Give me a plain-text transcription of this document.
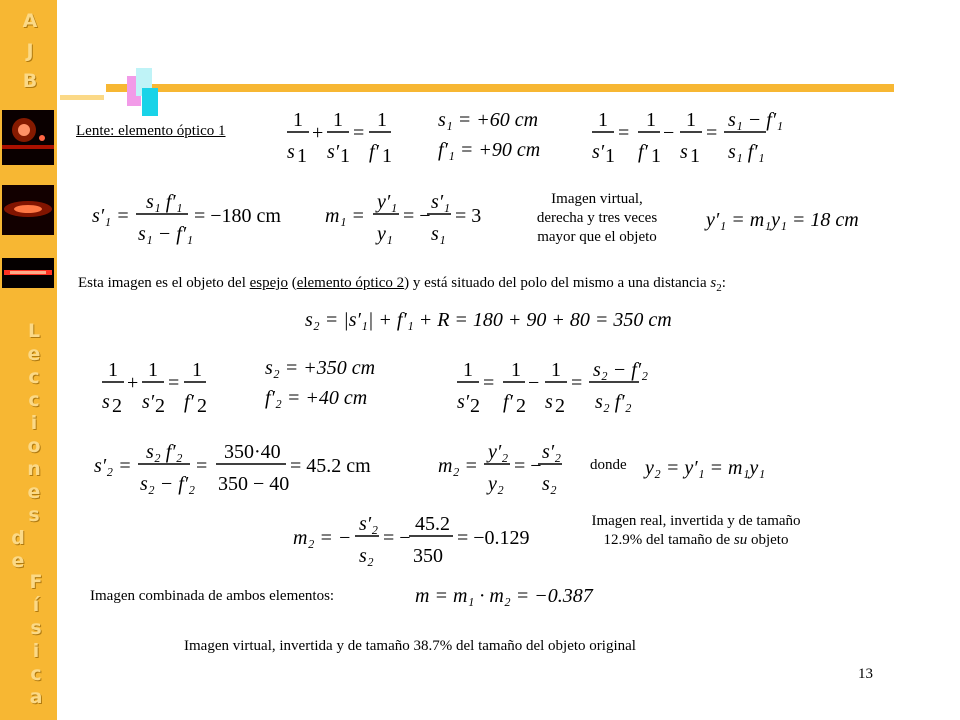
A
J
B
L
e
c
c
i
o
n
e
s
d
e
F
í
s
i
c
a
Lente: elemento óptico 1	1
s 1
+
1
s′ 1
=
1
f′ 1
s₁ = +60 cm
f′₁ = +90 cm
1
s′ 1
=
1
f′ 1
−
1
s 1
=
s₁ − f′₁
s₁ f′₁
s′₁ =
s₁ f′₁
s₁ − f′₁
= −180 cm m₁ =
y′₁
y₁
= −
s′₁
s₁
= 3
Imagen virtual,
derecha y tres veces
mayor que el objeto
y′₁ = m₁y₁ = 18 cm
Esta imagen es el objeto del espejo (elemento óptico 2) y está situado del polo del mismo a una distancia $s_2$:
s₂ = |s′₁| + f′₁ + R = 180 + 90 + 80 = 350 cm
1
s 2
+
1
s′ 2
=
1
f′ 2
s₂ = +350 cm
f′₂ = +40 cm
1
s′ 2
=
1
f′ 2
−
1
s 2
=
s₂ − f′₂
s₂ f′₂
s′₂ =
s₂ f′₂
s₂ − f′₂
=
350·40
350 − 40
= 45.2 cm	m₂ =
y′₂
y₂
= −
s′₂
s₂
donde y₂ = y′₁ = m₁y₁
m₂ = −
s′₂
s₂
= −
45.2
350
= −0.129
Imagen real, invertida y de tamaño
12.9% del tamaño de su objeto
Imagen combinada de ambos elementos:	m = m₁ · m₂ = −0.387
Imagen virtual, invertida y de tamaño 38.7% del tamaño del objeto original
13
